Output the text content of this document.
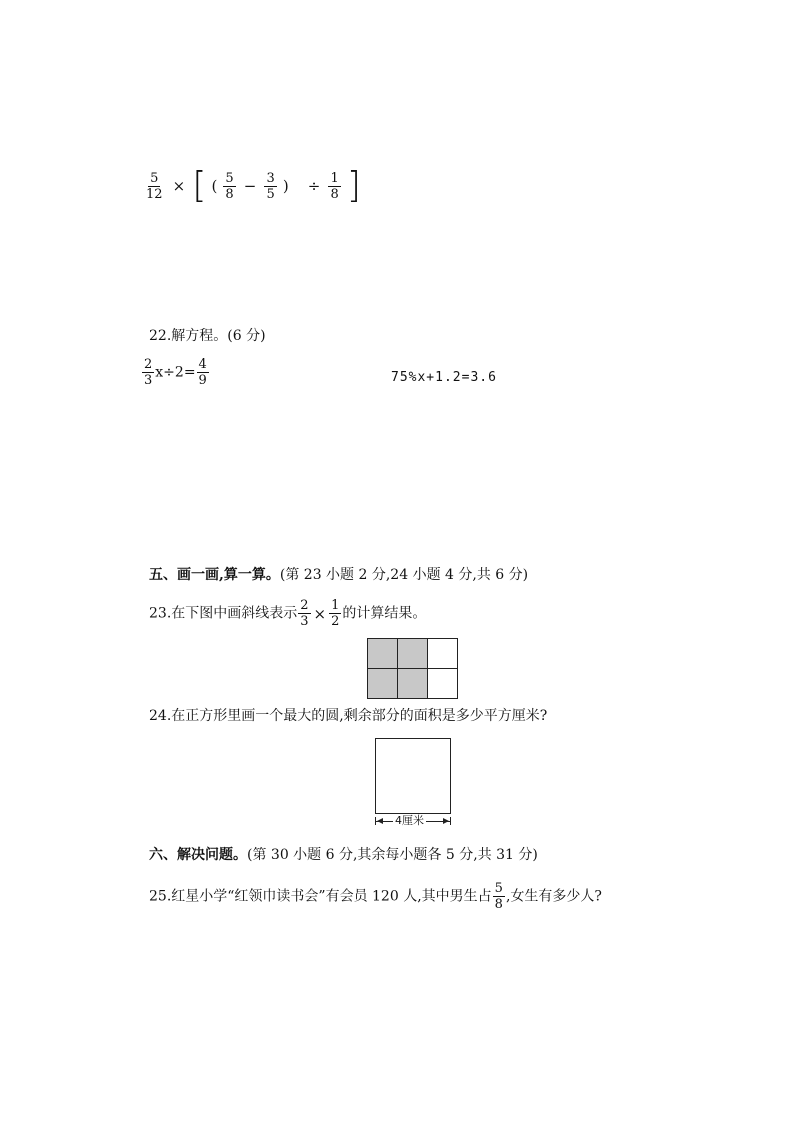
$\frac{5}{12}$ × [ ( $\frac{5}{8} - \frac{3}{5}$ ) ÷ $\frac{1}{8}$ ]
22.解方程。(6 分)
$\frac{2}{3} x\div 2= \frac{4}{9}$	75%x+1.2=3.6
五、画一画,算一算。(第 23 小题 2 分,24 小题 4 分,共 6 分)
23.在下图中画斜线表示 $\frac{2}{3} \times \frac{1}{2}$ 的计算结果。
24.在正方形里画一个最大的圆,剩余部分的面积是多少平方厘米?
4厘米
六、解决问题。(第 30 小题 6 分,其余每小题各 5 分,共 31 分)
25.红星小学“红领巾读书会”有会员 120 人,其中男生占 $\frac{5}{8}$ ,女生有多少人?
